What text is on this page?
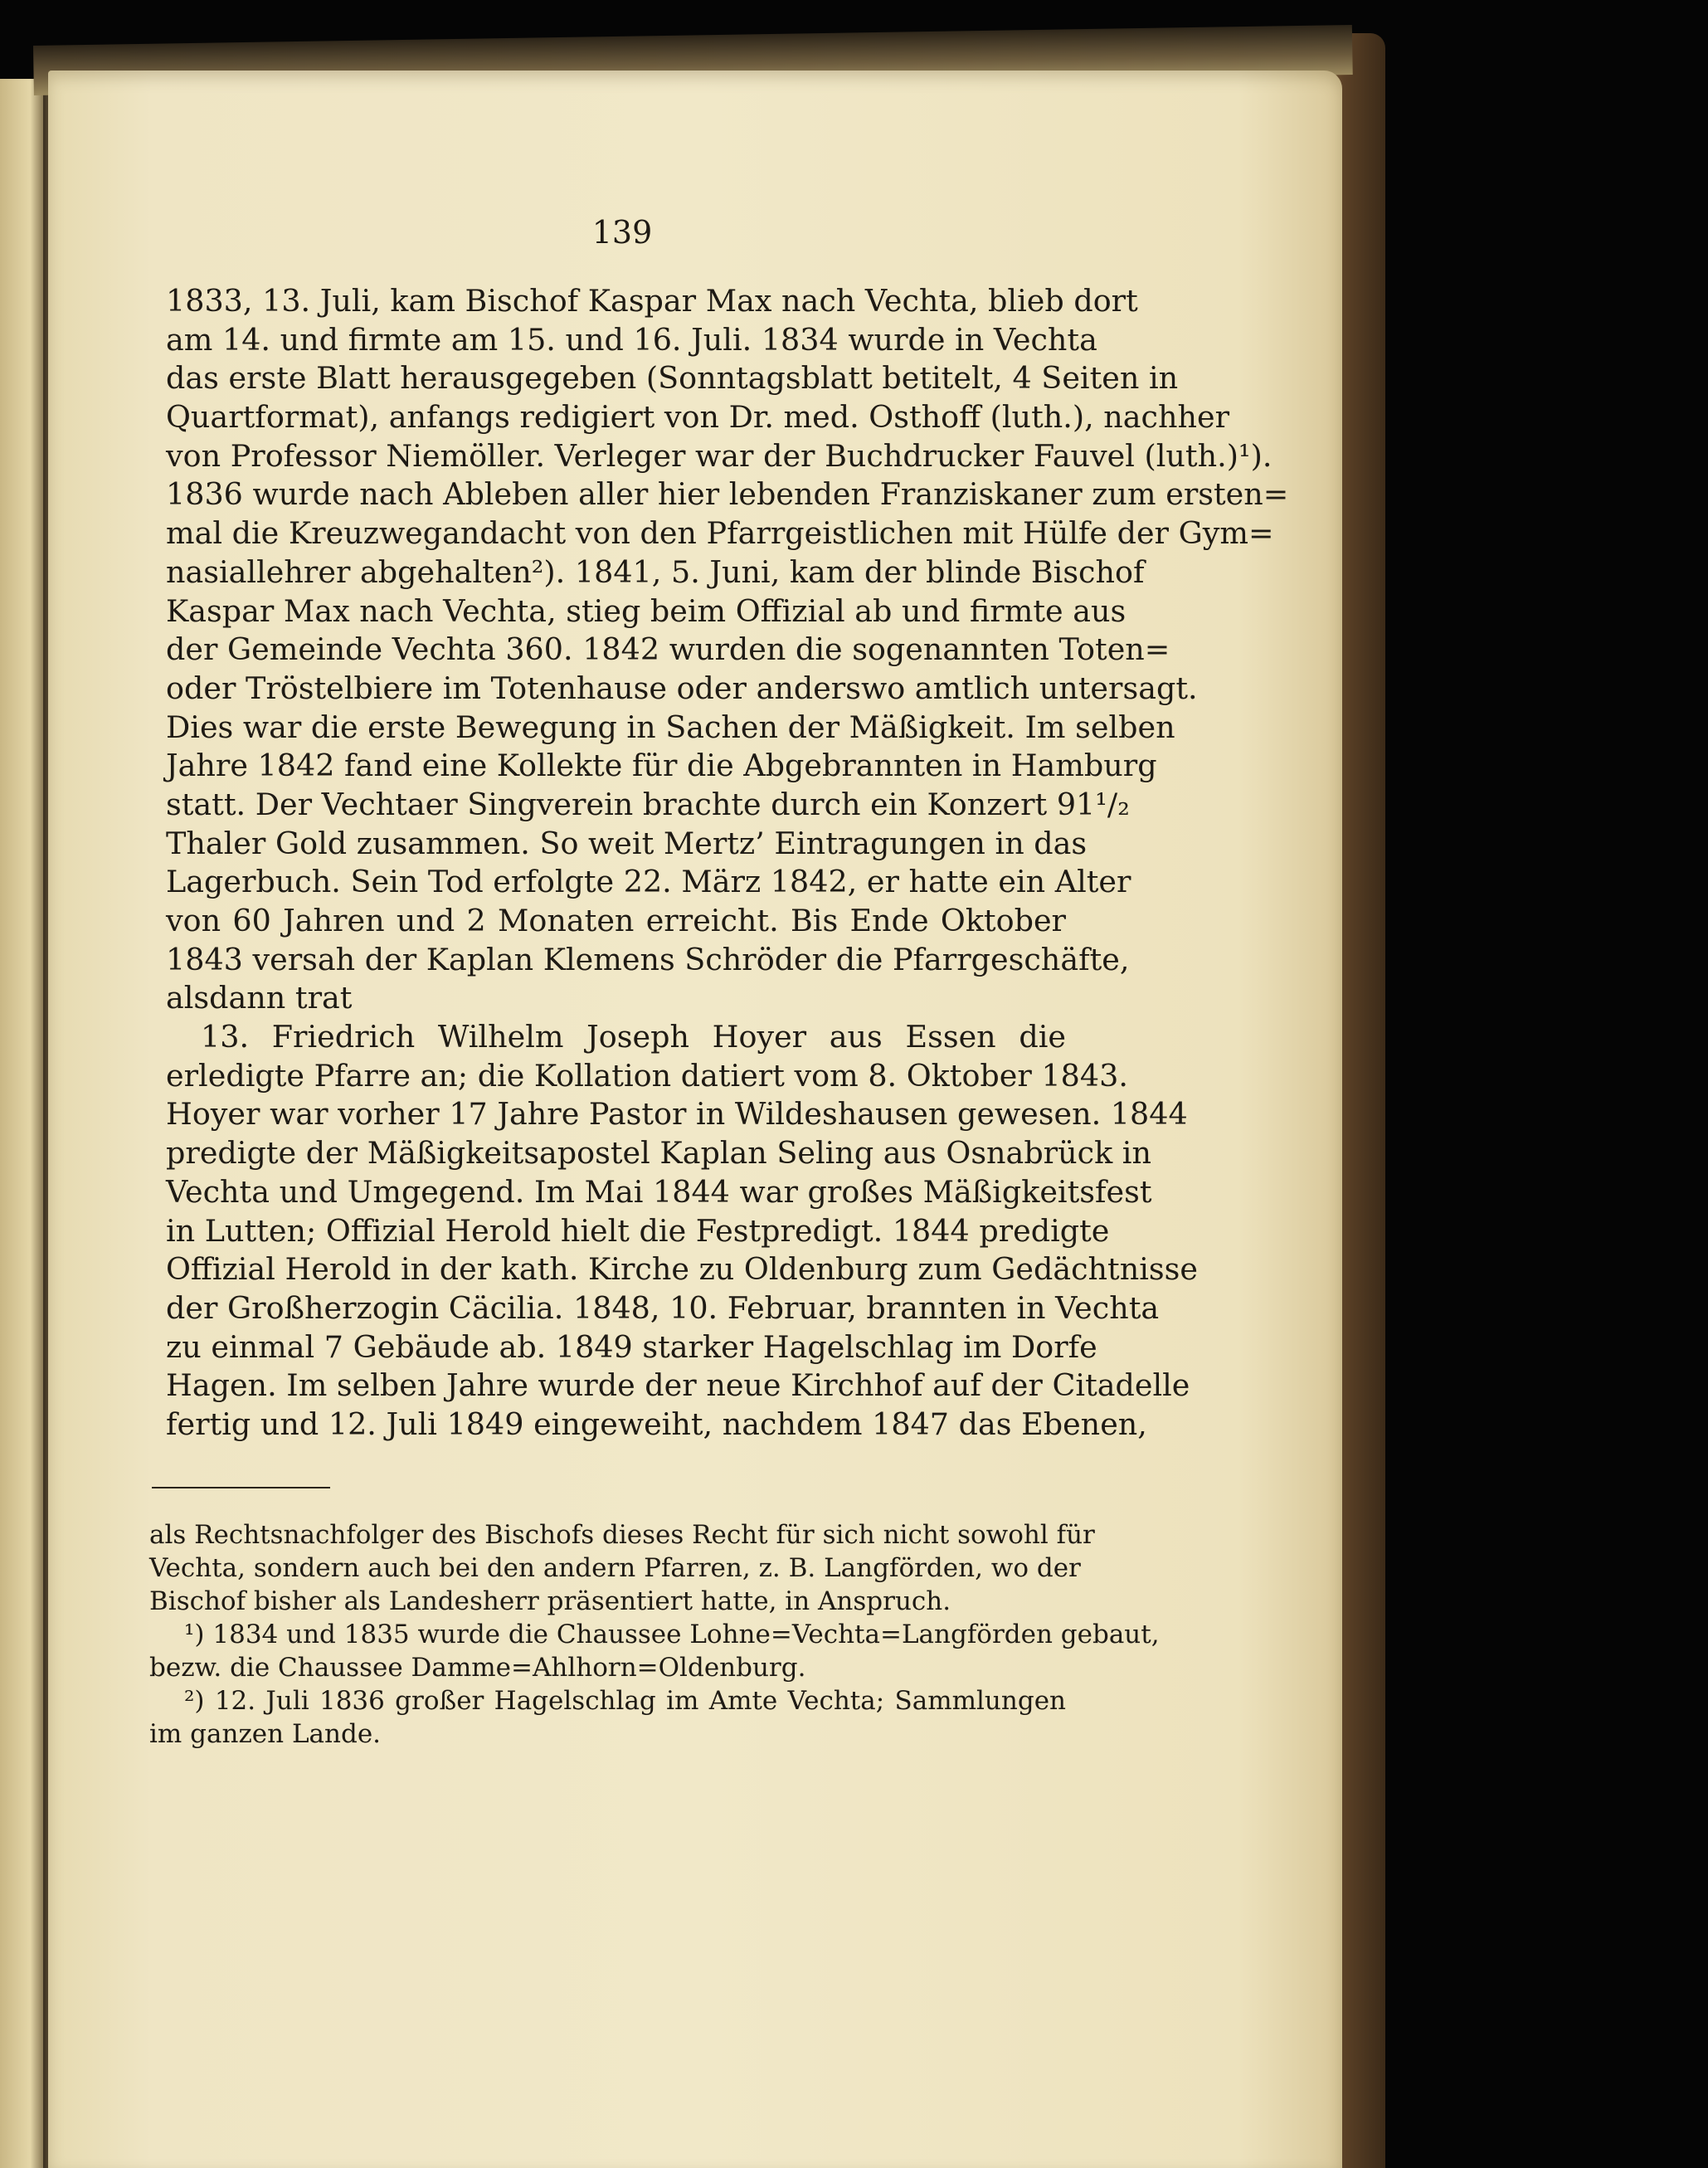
139
1833, 13. Juli, kam Bischof Kaspar Max nach Vechta, blieb dort
am 14. und firmte am 15. und 16. Juli. 1834 wurde in Vechta
das erste Blatt herausgegeben (Sonntagsblatt betitelt, 4 Seiten in
Quartformat), anfangs redigiert von Dr. med. Osthoff (luth.), nachher
von Professor Niemöller. Verleger war der Buchdrucker Fauvel (luth.)¹).
1836 wurde nach Ableben aller hier lebenden Franziskaner zum ersten=
mal die Kreuzwegandacht von den Pfarrgeistlichen mit Hülfe der Gym=
nasiallehrer abgehalten²). 1841, 5. Juni, kam der blinde Bischof
Kaspar Max nach Vechta, stieg beim Offizial ab und firmte aus
der Gemeinde Vechta 360. 1842 wurden die sogenannten Toten=
oder Tröstelbiere im Totenhause oder anderswo amtlich untersagt.
Dies war die erste Bewegung in Sachen der Mäßigkeit. Im selben
Jahre 1842 fand eine Kollekte für die Abgebrannten in Hamburg
statt. Der Vechtaer Singverein brachte durch ein Konzert 91¹/₂
Thaler Gold zusammen. So weit Mertz’ Eintragungen in das
Lagerbuch. Sein Tod erfolgte 22. März 1842, er hatte ein Alter
von 60 Jahren und 2 Monaten erreicht. Bis Ende Oktober
1843 versah der Kaplan Klemens Schröder die Pfarrgeschäfte,
alsdann trat
13. Friedrich Wilhelm Joseph Hoyer aus Essen die
erledigte Pfarre an; die Kollation datiert vom 8. Oktober 1843.
Hoyer war vorher 17 Jahre Pastor in Wildeshausen gewesen. 1844
predigte der Mäßigkeitsapostel Kaplan Seling aus Osnabrück in
Vechta und Umgegend. Im Mai 1844 war großes Mäßigkeitsfest
in Lutten; Offizial Herold hielt die Festpredigt. 1844 predigte
Offizial Herold in der kath. Kirche zu Oldenburg zum Gedächtnisse
der Großherzogin Cäcilia. 1848, 10. Februar, brannten in Vechta
zu einmal 7 Gebäude ab. 1849 starker Hagelschlag im Dorfe
Hagen. Im selben Jahre wurde der neue Kirchhof auf der Citadelle
fertig und 12. Juli 1849 eingeweiht, nachdem 1847 das Ebenen,
als Rechtsnachfolger des Bischofs dieses Recht für sich nicht sowohl für
Vechta, sondern auch bei den andern Pfarren, z. B. Langförden, wo der
Bischof bisher als Landesherr präsentiert hatte, in Anspruch.
¹) 1834 und 1835 wurde die Chaussee Lohne=Vechta=Langförden gebaut,
bezw. die Chaussee Damme=Ahlhorn=Oldenburg.
²) 12. Juli 1836 großer Hagelschlag im Amte Vechta; Sammlungen
im ganzen Lande.
